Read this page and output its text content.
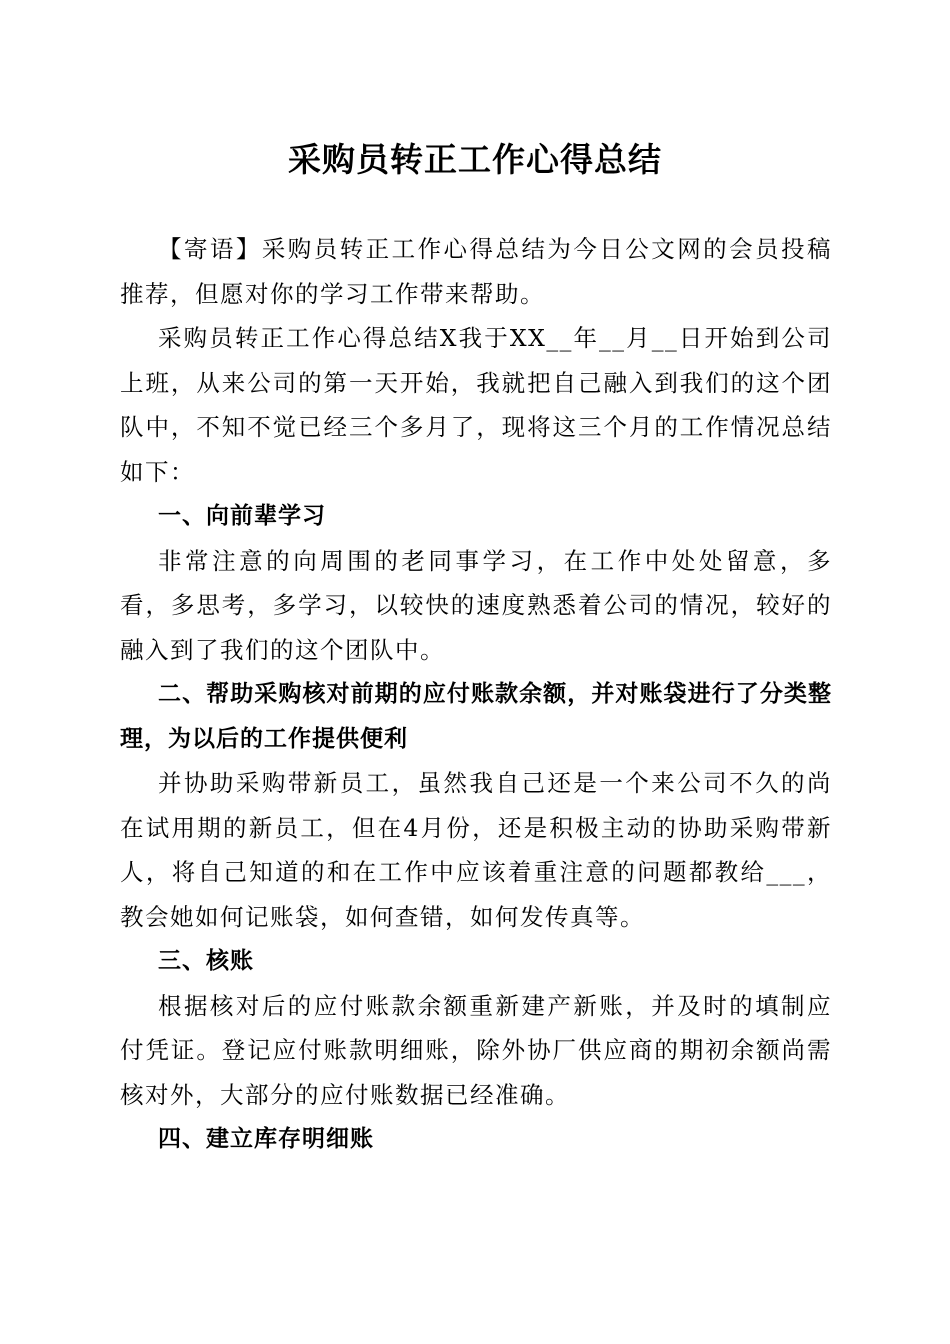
采购员转正工作心得总结

【寄语】采购员转正工作心得总结为今日公文网的会员投稿推荐，但愿对你的学习工作带来帮助。

采购员转正工作心得总结X我于XX__年__月__日开始到公司上班，从来公司的第一天开始，我就把自己融入到我们的这个团队中，不知不觉已经三个多月了，现将这三个月的工作情况总结如下：

一、向前辈学习

非常注意的向周围的老同事学习，在工作中处处留意，多看，多思考，多学习，以较快的速度熟悉着公司的情况，较好的融入到了我们的这个团队中。

二、帮助采购核对前期的应付账款余额，并对账袋进行了分类整理，为以后的工作提供便利

并协助采购带新员工，虽然我自己还是一个来公司不久的尚在试用期的新员工，但在4月份，还是积极主动的协助采购带新人，将自己知道的和在工作中应该着重注意的问题都教给___，教会她如何记账袋，如何查错，如何发传真等。

三、核账

根据核对后的应付账款余额重新建产新账，并及时的填制应付凭证。登记应付账款明细账，除外协厂供应商的期初余额尚需核对外，大部分的应付账数据已经准确。

四、建立库存明细账
